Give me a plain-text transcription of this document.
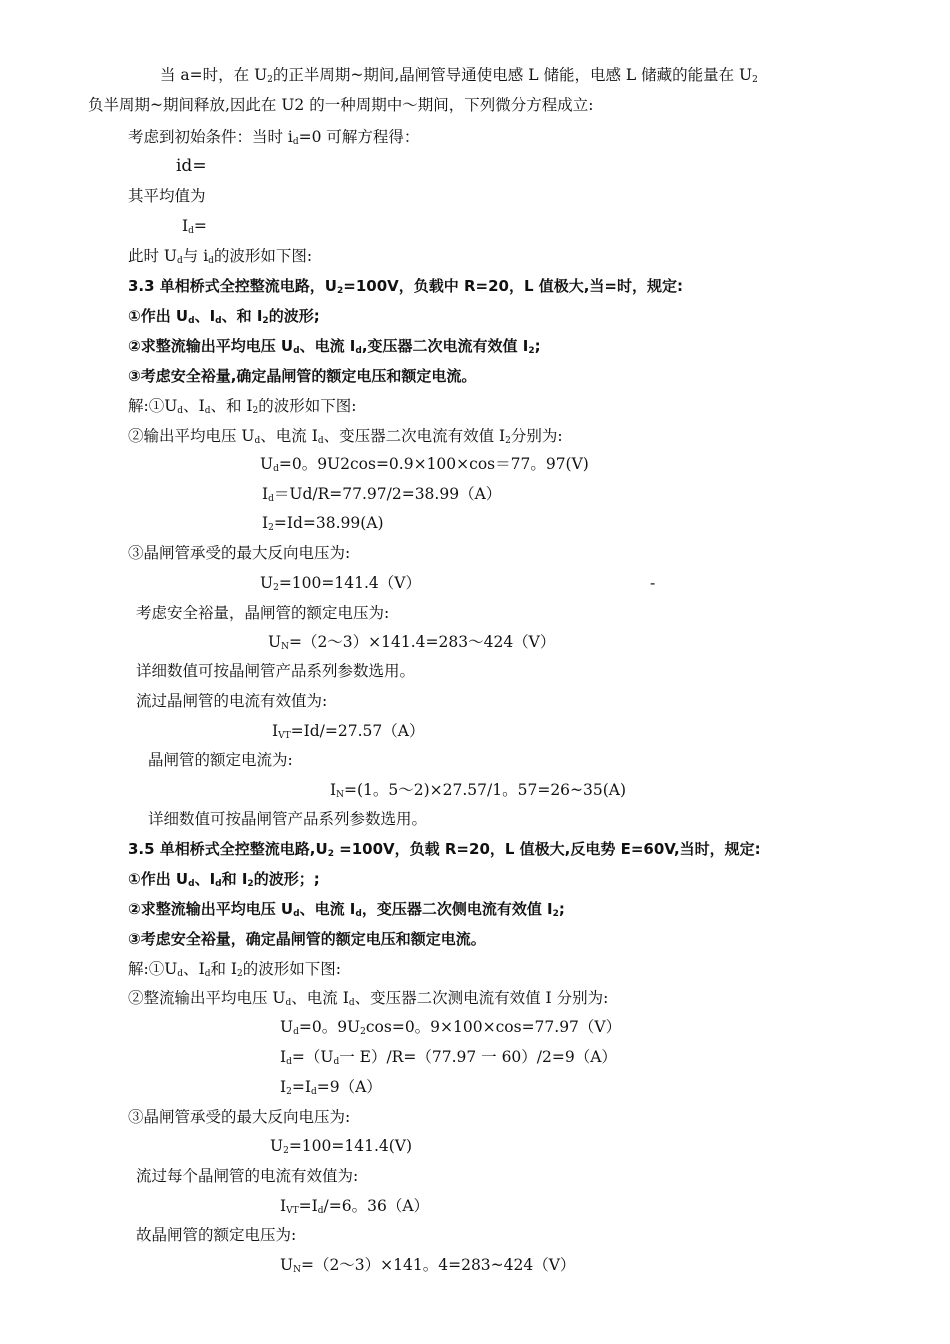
当 a=时，在 $U_2$的正半周期~期间,晶闸管导通使电感 L 储能，电感 L 储藏的能量在 $U_2$
负半周期~期间释放,因此在 U2 的一种周期中～期间，下列微分方程成立:
考虑到初始条件：当时 $i_d=0$ 可解方程得：
id=
其平均值为
$I_d=$
此时 $U_d$与 $i_d$的波形如下图:
3.3 单相桥式全控整流电路，$U_2=100V$，负载中 R=20，L 值极大,当=时，规定:
①作出 $U_d$、$I_d$、和 $I_2$的波形;
②求整流输出平均电压 $U_d$、电流 $I_d$,变压器二次电流有效值 $I_2$;
③考虑安全裕量,确定晶闸管的额定电压和额定电流。
解$:①U_d$、$I_d$、和 $I_2$的波形如下图:
②输出平均电压 $U_d$、电流 $I_d$、变压器二次电流有效值 $I_2$分别为:
$U_d=0$。9U2cos=0.9×100×cos＝77。97(V)
$I_d=Ud/R=77.97/2=38.99(A)$
$I_2=Id=38.99(A)$
③晶闸管承受的最大反向电压为:
$U_2=100=141.4(V)$	-
考虑安全裕量，晶闸管的额定电压为:
$U_N=(2\sim 3)\times 141.4=283\sim 424(V)$
详细数值可按晶闸管产品系列参数选用。
流过晶闸管的电流有效值为:
$I_{VT}=Id/=27.57(A)$
晶闸管的额定电流为:
$I_N=(1$。5～2)×27.57/1。57=26~35(A)
详细数值可按晶闸管产品系列参数选用。
3.5 单相桥式全控整流电路$,U_2 =100V$，负载 R=20，L 值极大,反电势 E=60V,当时，规定:
①作出 $U_d$、$I_d$和 $I_2$的波形；;
②求整流输出平均电压 $U_d$、电流 $I_d$，变压器二次侧电流有效值 $I_2$;
③考虑安全裕量，确定晶闸管的额定电压和额定电流。
解$:①U_d$、$I_d$和 $I_2$的波形如下图:
②整流输出平均电压 $U_d$、电流 $I_d$、变压器二次测电流有效值 I 分别为:
$U_d=0$。$9U_2\cos=0$。9×100×cos=77.97（V）
$I_d=(U_d$一 E）/R=（77.97 一 60）/2=9（A）
$I_2=I_d=9(A)$
③晶闸管承受的最大反向电压为:
$U_2=100=141.4(V)$
流过每个晶闸管的电流有效值为:
$I_{VT}=I_d/=6$。36（A）
故晶闸管的额定电压为:
$U_N=(2\sim 3)\times 141$。4=283~424（V）
